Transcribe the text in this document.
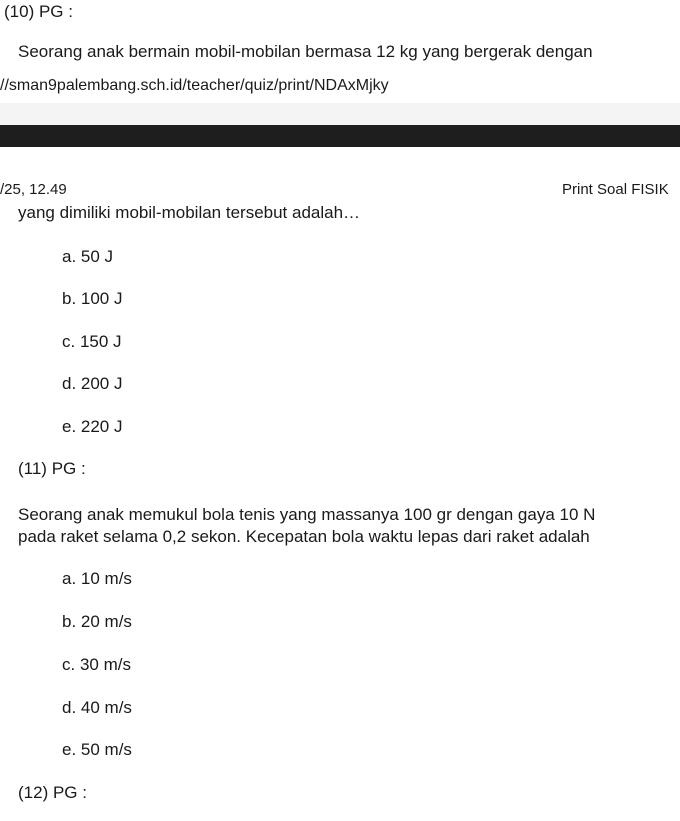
(10) PG :
Seorang anak bermain mobil-mobilan bermasa 12 kg yang bergerak dengan
//sman9palembang.sch.id/teacher/quiz/print/NDAxMjky
/25, 12.49	Print Soal FISIK
yang dimiliki mobil-mobilan tersebut adalah…
a. 50 J
b. 100 J
c. 150 J
d. 200 J
e. 220 J
(11) PG :
Seorang anak memukul bola tenis yang massanya 100 gr dengan gaya 10 N
pada raket selama 0,2 sekon. Kecepatan bola waktu lepas dari raket adalah
a. 10 m/s
b. 20 m/s
c. 30 m/s
d. 40 m/s
e. 50 m/s
(12) PG :
